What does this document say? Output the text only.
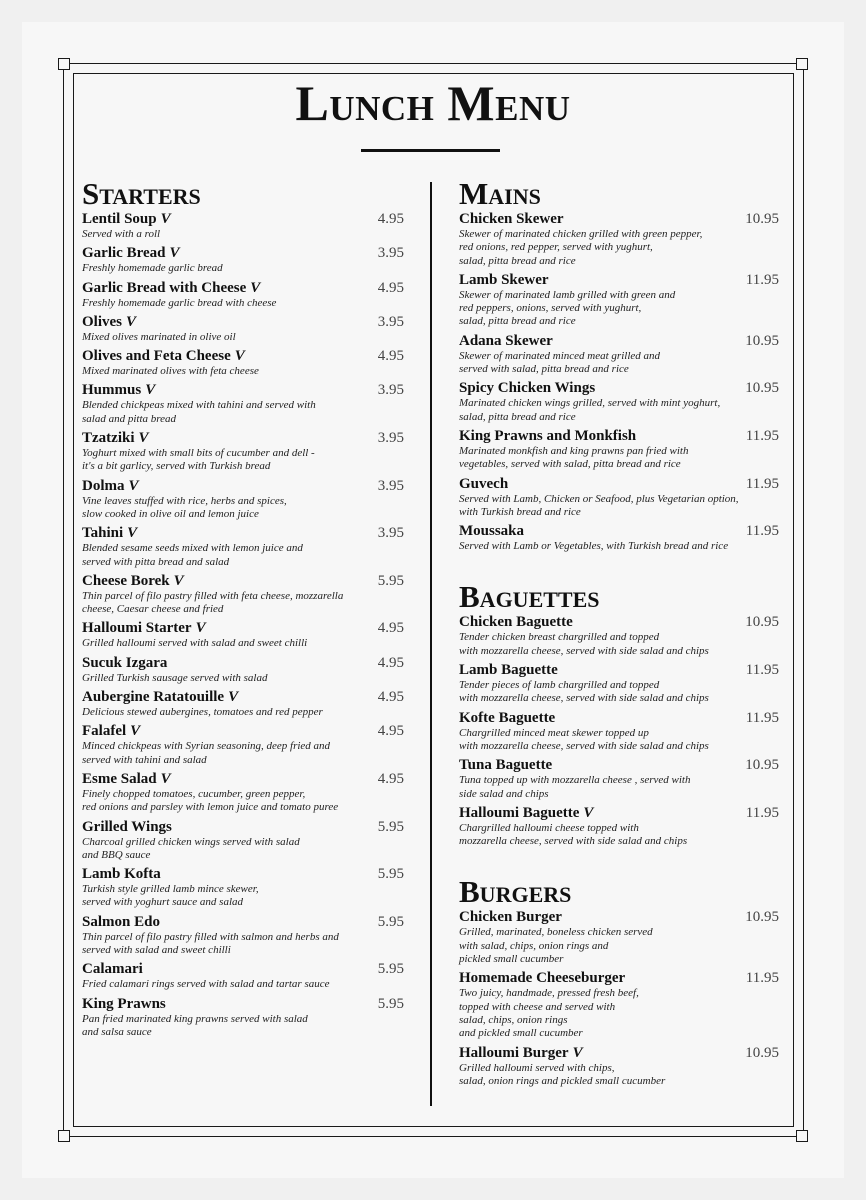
Lunch Menu
Starters
Lentil Soup V	4.95
Served with a roll
Garlic Bread V	3.95
Freshly homemade garlic bread
Garlic Bread with Cheese V	4.95
Freshly homemade garlic bread with cheese
Olives V	3.95
Mixed olives marinated in olive oil
Olives and Feta Cheese V	4.95
Mixed marinated olives with feta cheese
Hummus V	3.95
Blended chickpeas mixed with tahini and served with
salad and pitta bread
Tzatziki V	3.95
Yoghurt mixed with small bits of cucumber and dell -
it's a bit garlicy, served with Turkish bread
Dolma V	3.95
Vine leaves stuffed with rice, herbs and spices,
slow cooked in olive oil and lemon juice
Tahini V	3.95
Blended sesame seeds mixed with lemon juice and
served with pitta bread and salad
Cheese Borek V	5.95
Thin parcel of filo pastry filled with feta cheese, mozzarella
cheese, Caesar cheese and fried
Halloumi Starter V	4.95
Grilled halloumi served with salad and sweet chilli
Sucuk Izgara	4.95
Grilled Turkish sausage served with salad
Aubergine Ratatouille V	4.95
Delicious stewed aubergines, tomatoes and red pepper
Falafel V	4.95
Minced chickpeas with Syrian seasoning, deep fried and
served with tahini and salad
Esme Salad V	4.95
Finely chopped tomatoes, cucumber, green pepper,
red onions and parsley with lemon juice and tomato puree
Grilled Wings	5.95
Charcoal grilled chicken wings served with salad
and BBQ sauce
Lamb Kofta	5.95
Turkish style grilled lamb mince skewer,
served with yoghurt sauce and salad
Salmon Edo	5.95
Thin parcel of filo pastry filled with salmon and herbs and
served with salad and sweet chilli
Calamari	5.95
Fried calamari rings served with salad and tartar sauce
King Prawns	5.95
Pan fried marinated king prawns served with salad
and salsa sauce
Mains
Chicken Skewer	10.95
Skewer of marinated chicken grilled with green pepper,
red onions, red pepper, served with yughurt,
salad, pitta bread and rice
Lamb Skewer	11.95
Skewer of marinated lamb grilled with green and
red peppers, onions, served with yughurt,
salad, pitta bread and rice
Adana Skewer	10.95
Skewer of marinated minced meat grilled and
served with salad, pitta bread and rice
Spicy Chicken Wings	10.95
Marinated chicken wings grilled, served with mint yoghurt,
salad, pitta bread and rice
King Prawns and Monkfish	11.95
Marinated monkfish and king prawns pan fried with
vegetables, served with salad, pitta bread and rice
Guvech	11.95
Served with Lamb, Chicken or Seafood, plus Vegetarian option,
with Turkish bread and rice
Moussaka	11.95
Served with Lamb or Vegetables, with Turkish bread and rice
Baguettes
Chicken Baguette	10.95
Tender chicken breast chargrilled and topped
with mozzarella cheese, served with side salad and chips
Lamb Baguette	11.95
Tender pieces of lamb chargrilled and topped
with mozzarella cheese, served with side salad and chips
Kofte Baguette	11.95
Chargrilled minced meat skewer topped up
with mozzarella cheese, served with side salad and chips
Tuna Baguette	10.95
Tuna topped up with mozzarella cheese , served with
side salad and chips
Halloumi Baguette V	11.95
Chargrilled halloumi cheese topped with
mozzarella cheese, served with side salad and chips
Burgers
Chicken Burger	10.95
Grilled, marinated, boneless chicken served
with salad, chips, onion rings and
pickled small cucumber
Homemade Cheeseburger	11.95
Two juicy, handmade, pressed fresh beef,
topped with cheese and served with
salad, chips, onion rings
and pickled small cucumber
Halloumi Burger V	10.95
Grilled halloumi served with chips,
salad, onion rings and pickled small cucumber
